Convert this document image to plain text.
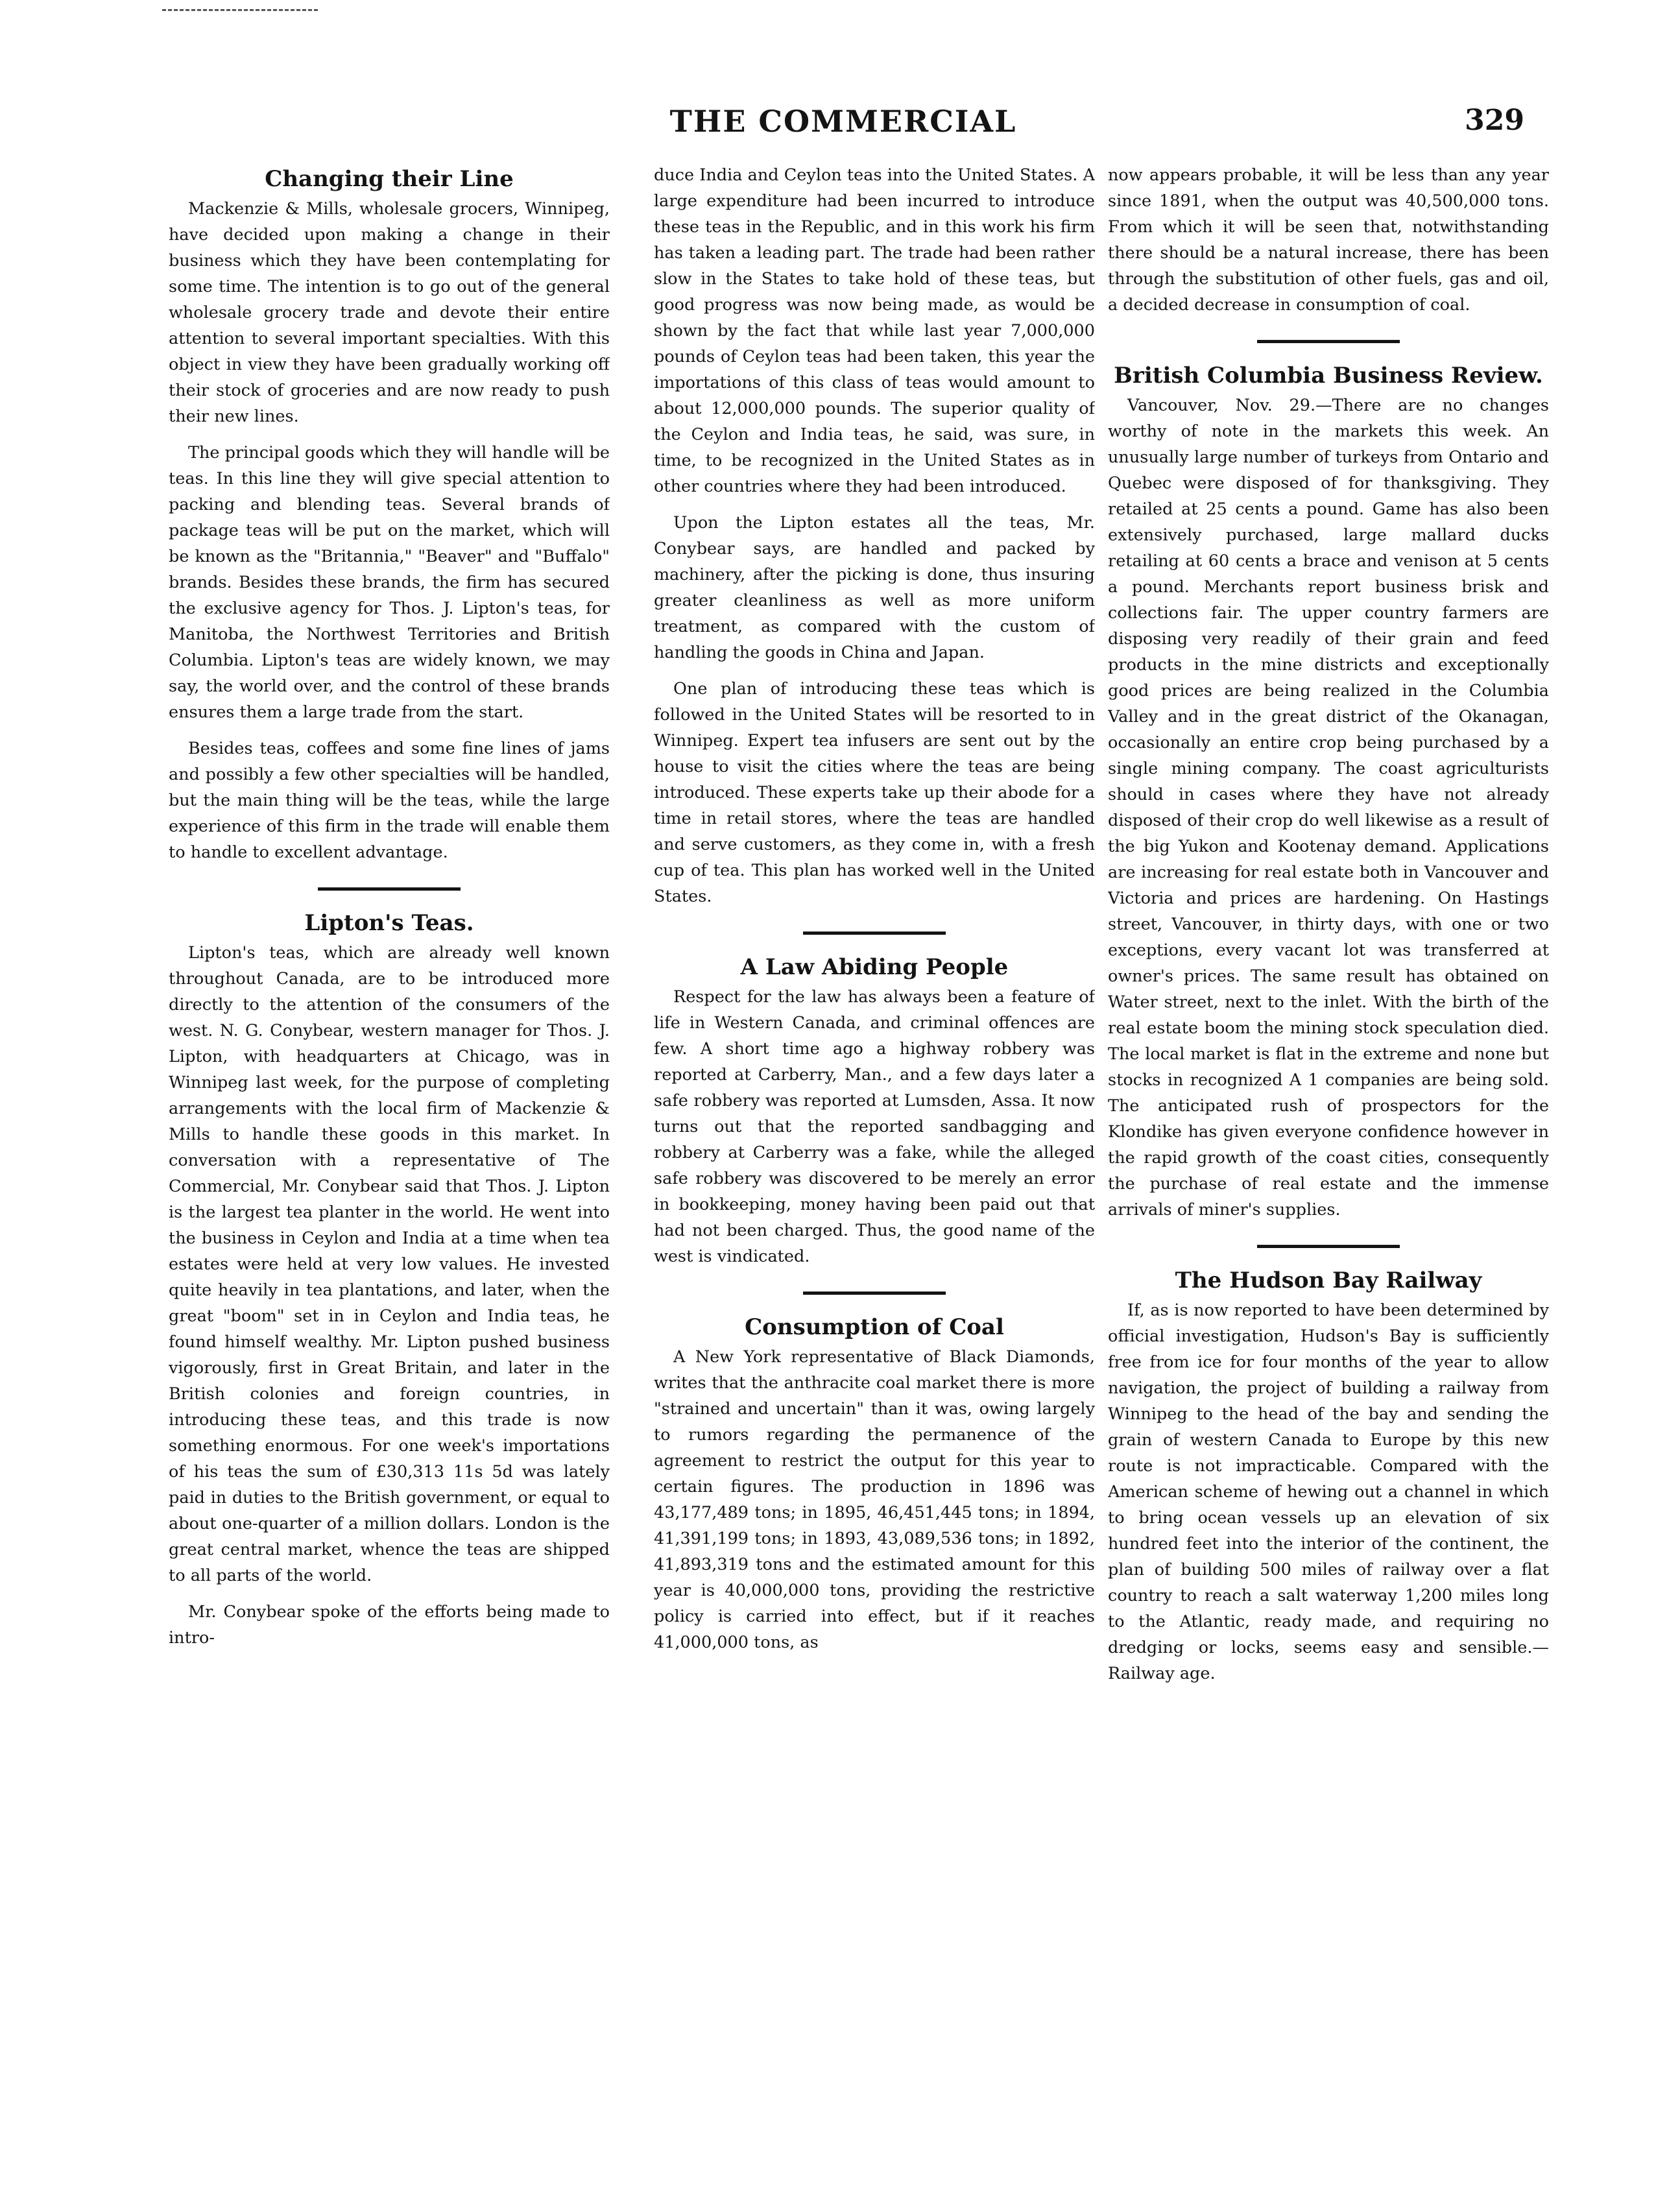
THE COMMERCIAL	329
Changing their Line

Mackenzie & Mills, wholesale grocers, Winnipeg, have decided upon making a change in their business which they have been contemplating for some time. The intention is to go out of the general wholesale grocery trade and devote their entire attention to several important specialties. With this object in view they have been gradually working off their stock of groceries and are now ready to push their new lines.

The principal goods which they will handle will be teas. In this line they will give special attention to packing and blending teas. Several brands of package teas will be put on the market, which will be known as the "Britannia," "Beaver" and "Buffalo" brands. Besides these brands, the firm has secured the exclusive agency for Thos. J. Lipton's teas, for Manitoba, the Northwest Territories and British Columbia. Lipton's teas are widely known, we may say, the world over, and the control of these brands ensures them a large trade from the start.

Besides teas, coffees and some fine lines of jams and possibly a few other specialties will be handled, but the main thing will be the teas, while the large experience of this firm in the trade will enable them to handle to excellent advantage.

Lipton's Teas.

Lipton's teas, which are already well known throughout Canada, are to be introduced more directly to the attention of the consumers of the west. N. G. Conybear, western manager for Thos. J. Lipton, with headquarters at Chicago, was in Winnipeg last week, for the purpose of completing arrangements with the local firm of Mackenzie & Mills to handle these goods in this market. In conversation with a representative of The Commercial, Mr. Conybear said that Thos. J. Lipton is the largest tea planter in the world. He went into the business in Ceylon and India at a time when tea estates were held at very low values. He invested quite heavily in tea plantations, and later, when the great "boom" set in in Ceylon and India teas, he found himself wealthy. Mr. Lipton pushed business vigorously, first in Great Britain, and later in the British colonies and foreign countries, in introducing these teas, and this trade is now something enormous. For one week's importations of his teas the sum of £30,313 11s 5d was lately paid in duties to the British government, or equal to about one-quarter of a million dollars. London is the great central market, whence the teas are shipped to all parts of the world.

Mr. Conybear spoke of the efforts being made to intro-

duce India and Ceylon teas into the United States. A large expenditure had been incurred to introduce these teas in the Republic, and in this work his firm has taken a leading part. The trade had been rather slow in the States to take hold of these teas, but good progress was now being made, as would be shown by the fact that while last year 7,000,000 pounds of Ceylon teas had been taken, this year the importations of this class of teas would amount to about 12,000,000 pounds. The superior quality of the Ceylon and India teas, he said, was sure, in time, to be recognized in the United States as in other countries where they had been introduced.

Upon the Lipton estates all the teas, Mr. Conybear says, are handled and packed by machinery, after the picking is done, thus insuring greater cleanliness as well as more uniform treatment, as compared with the custom of handling the goods in China and Japan.

One plan of introducing these teas which is followed in the United States will be resorted to in Winnipeg. Expert tea infusers are sent out by the house to visit the cities where the teas are being introduced. These experts take up their abode for a time in retail stores, where the teas are handled and serve customers, as they come in, with a fresh cup of tea. This plan has worked well in the United States.

A Law Abiding People

Respect for the law has always been a feature of life in Western Canada, and criminal offences are few. A short time ago a highway robbery was reported at Carberry, Man., and a few days later a safe robbery was reported at Lumsden, Assa. It now turns out that the reported sandbagging and robbery at Carberry was a fake, while the alleged safe robbery was discovered to be merely an error in bookkeeping, money having been paid out that had not been charged. Thus, the good name of the west is vindicated.

Consumption of Coal

A New York representative of Black Diamonds, writes that the anthracite coal market there is more "strained and uncertain" than it was, owing largely to rumors regarding the permanence of the agreement to restrict the output for this year to certain figures. The production in 1896 was 43,177,489 tons; in 1895, 46,451,445 tons; in 1894, 41,391,199 tons; in 1893, 43,089,536 tons; in 1892, 41,893,319 tons and the estimated amount for this year is 40,000,000 tons, providing the restrictive policy is carried into effect, but if it reaches 41,000,000 tons, as

now appears probable, it will be less than any year since 1891, when the output was 40,500,000 tons. From which it will be seen that, notwithstanding there should be a natural increase, there has been through the substitution of other fuels, gas and oil, a decided decrease in consumption of coal.

British Columbia Business Review.

Vancouver, Nov. 29.—There are no changes worthy of note in the markets this week. An unusually large number of turkeys from Ontario and Quebec were disposed of for thanksgiving. They retailed at 25 cents a pound. Game has also been extensively purchased, large mallard ducks retailing at 60 cents a brace and venison at 5 cents a pound. Merchants report business brisk and collections fair. The upper country farmers are disposing very readily of their grain and feed products in the mine districts and exceptionally good prices are being realized in the Columbia Valley and in the great district of the Okanagan, occasionally an entire crop being purchased by a single mining company. The coast agriculturists should in cases where they have not already disposed of their crop do well likewise as a result of the big Yukon and Kootenay demand. Applications are increasing for real estate both in Vancouver and Victoria and prices are hardening. On Hastings street, Vancouver, in thirty days, with one or two exceptions, every vacant lot was transferred at owner's prices. The same result has obtained on Water street, next to the inlet. With the birth of the real estate boom the mining stock speculation died. The local market is flat in the extreme and none but stocks in recognized A 1 companies are being sold. The anticipated rush of prospectors for the Klondike has given everyone confidence however in the rapid growth of the coast cities, consequently the purchase of real estate and the immense arrivals of miner's supplies.

The Hudson Bay Railway

If, as is now reported to have been determined by official investigation, Hudson's Bay is sufficiently free from ice for four months of the year to allow navigation, the project of building a railway from Winnipeg to the head of the bay and sending the grain of western Canada to Europe by this new route is not impracticable. Compared with the American scheme of hewing out a channel in which to bring ocean vessels up an elevation of six hundred feet into the interior of the continent, the plan of building 500 miles of railway over a flat country to reach a salt waterway 1,200 miles long to the Atlantic, ready made, and requiring no dredging or locks, seems easy and sensible.—Railway age.
